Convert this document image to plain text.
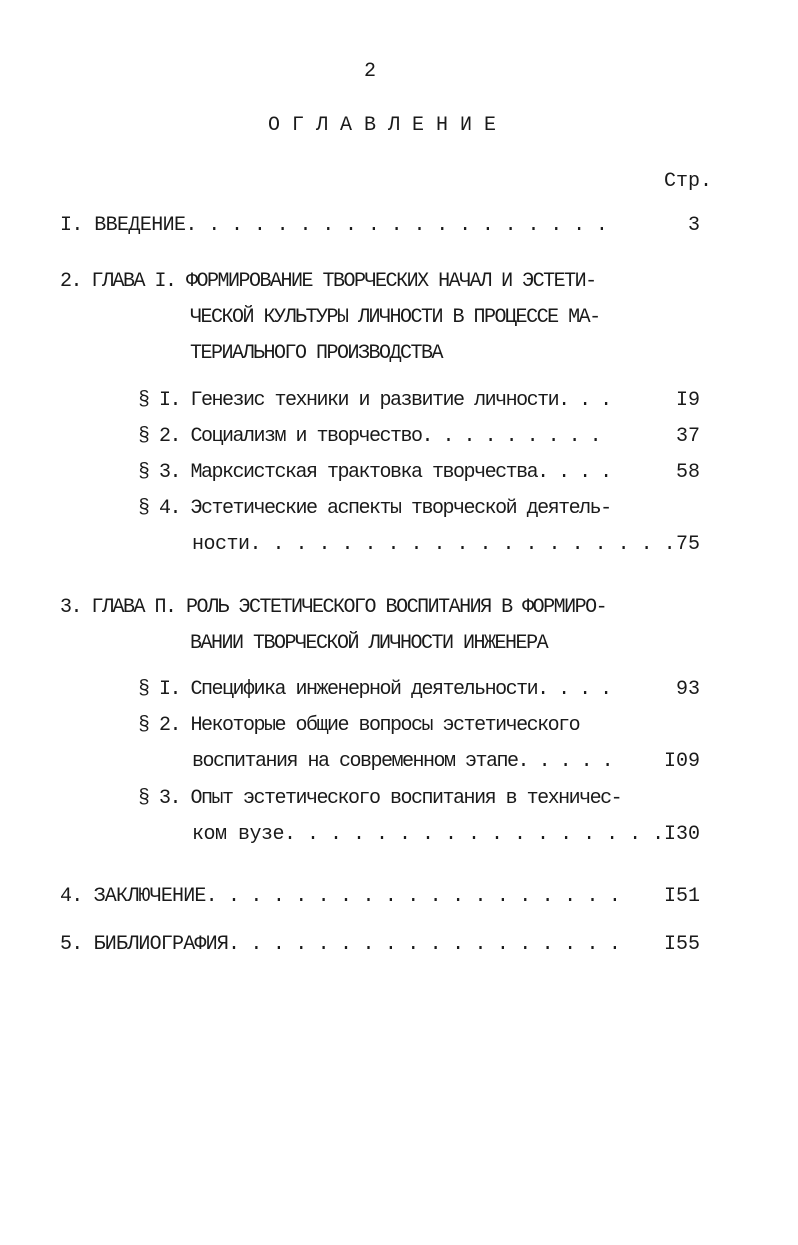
2
О Г Л А В Л Е Н И Е
Стр.
I. ВВЕДЕНИЕ. . . . . . . . . . . . . . . . . . .	3
2. ГЛАВА I. ФОРМИРОВАНИЕ ТВОРЧЕСКИХ НАЧАЛ И ЭСТЕТИ-
ЧЕСКОЙ КУЛЬТУРЫ ЛИЧНОСТИ В ПРОЦЕССЕ МА-
ТЕРИАЛЬНОГО ПРОИЗВОДСТВА
§ I. Генезис техники и развитие личности. . .	I9
§ 2. Социализм и творчество. . . . . . . . .	37
§ 3. Марксистская трактовка творчества. . . .	58
§ 4. Эстетические аспекты творческой деятель-
ности. . . . . . . . . . . . . . . . . . . 75
3. ГЛАВА П. РОЛЬ ЭСТЕТИЧЕСКОГО ВОСПИТАНИЯ В ФОРМИРО-
ВАНИИ ТВОРЧЕСКОЙ ЛИЧНОСТИ ИНЖЕНЕРА
§ I. Специфика инженерной деятельности. . . .	93
§ 2. Некоторые общие вопросы эстетического
воспитания на современном этапе. . . . .	I09
§ 3. Опыт эстетического воспитания в техничес-
ком вузе. . . . . . . . . . . . . . . . . I30
4. ЗАКЛЮЧЕНИЕ. . . . . . . . . . . . . . . . . . .	I51
5. БИБЛИОГРАФИЯ. . . . . . . . . . . . . . . . . .	I55
